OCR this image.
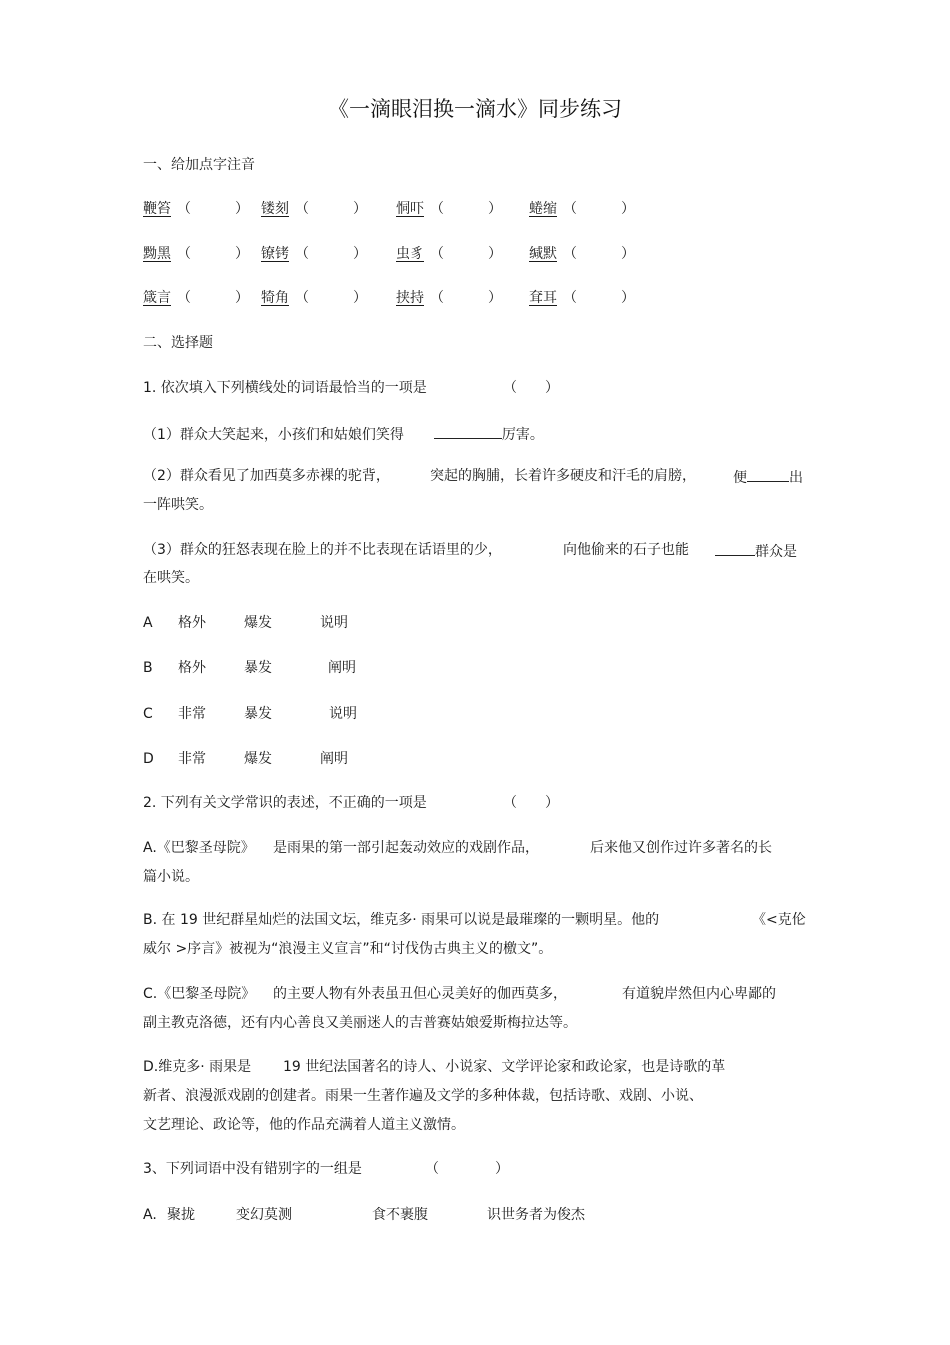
《一滴眼泪换一滴水》同步练习
一、给加点字注音
鞭笞 （	） 镂刻 （	） 恫吓 （	） 蜷缩 （	）
黝黑 （	） 镣铐 （	） 虫豸 （	） 缄默 （	）
箴言 （	） 犄角 （	） 挟持 （	） 耷耳 （	）
二、选择题
1. 依次填入下列横线处的词语最恰当的一项是	（　　）
（1）群众大笑起来，小孩们和姑娘们笑得	厉害。
（2）群众看见了加西莫多赤裸的驼背，	突起的胸脯，长着许多硬皮和汗毛的肩膀，	便	出
一阵哄笑。
（3）群众的狂怒表现在脸上的并不比表现在话语里的少，	向他偷来的石子也能	群众是
在哄笑。
A 格外	爆发	说明
B 格外	暴发	阐明
C 非常	暴发	说明
D 非常	爆发	阐明
2. 下列有关文学常识的表述，不正确的一项是	（　　）
A.《巴黎圣母院》 是雨果的第一部引起轰动效应的戏剧作品，	后来他又创作过许多著名的长
篇小说。
B. 在 19 世纪群星灿烂的法国文坛，维克多· 雨果可以说是最璀璨的一颗明星。他的	《<克伦
威尔 >序言》被视为“浪漫主义宣言”和“讨伐伪古典主义的檄文”。
C.《巴黎圣母院》 的主要人物有外表虽丑但心灵美好的伽西莫多，	有道貌岸然但内心卑鄙的
副主教克洛德，还有内心善良又美丽迷人的吉普赛姑娘爱斯梅拉达等。
D.维克多· 雨果是 19 世纪法国著名的诗人、小说家、文学评论家和政论家，也是诗歌的革
新者、浪漫派戏剧的创建者。雨果一生著作遍及文学的多种体裁，包括诗歌、戏剧、小说、
文艺理论、政论等，他的作品充满着人道主义激情。
3、下列词语中没有错别字的一组是	（　　　　）
A. 聚拢	变幻莫测	食不裹腹	识世务者为俊杰
